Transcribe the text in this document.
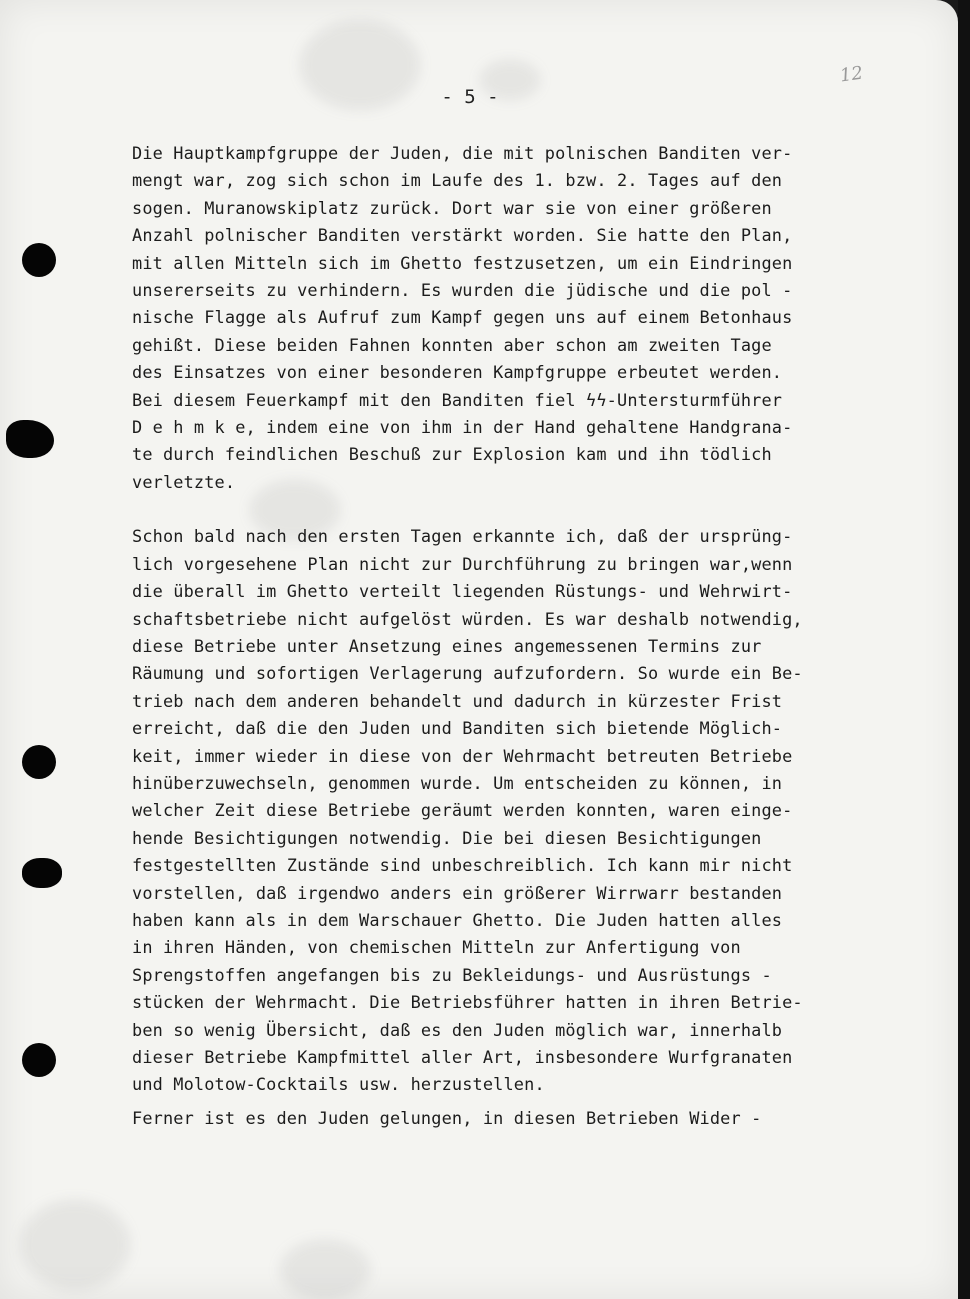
- 5 -
12

Die Hauptkampfgruppe der Juden, die mit polnischen Banditen ver-
mengt war, zog sich schon im Laufe des 1. bzw. 2. Tages auf den
sogen. Muranowskiplatz zurück. Dort war sie von einer größeren
Anzahl polnischer Banditen verstärkt worden. Sie hatte den Plan,
mit allen Mitteln sich im Ghetto festzusetzen, um ein Eindringen
unsererseits zu verhindern. Es wurden die jüdische und die pol -
nische Flagge als Aufruf zum Kampf gegen uns auf einem Betonhaus
gehißt. Diese beiden Fahnen konnten aber schon am zweiten Tage
des Einsatzes von einer besonderen Kampfgruppe erbeutet werden.
Bei diesem Feuerkampf mit den Banditen fiel ϟϟ-Untersturmführer
D e h m k e, indem eine von ihm in der Hand gehaltene Handgrana-
te durch feindlichen Beschuß zur Explosion kam und ihn tödlich
verletzte.

Schon bald nach den ersten Tagen erkannte ich, daß der ursprüng-
lich vorgesehene Plan nicht zur Durchführung zu bringen war,wenn
die überall im Ghetto verteilt liegenden Rüstungs- und Wehrwirt-
schaftsbetriebe nicht aufgelöst würden. Es war deshalb notwendig,
diese Betriebe unter Ansetzung eines angemessenen Termins zur
Räumung und sofortigen Verlagerung aufzufordern. So wurde ein Be-
trieb nach dem anderen behandelt und dadurch in kürzester Frist
erreicht, daß die den Juden und Banditen sich bietende Möglich-
keit, immer wieder in diese von der Wehrmacht betreuten Betriebe
hinüberzuwechseln, genommen wurde. Um entscheiden zu können, in
welcher Zeit diese Betriebe geräumt werden konnten, waren einge-
hende Besichtigungen notwendig. Die bei diesen Besichtigungen
festgestellten Zustände sind unbeschreiblich. Ich kann mir nicht
vorstellen, daß irgendwo anders ein größerer Wirrwarr bestanden
haben kann als in dem Warschauer Ghetto. Die Juden hatten alles
in ihren Händen, von chemischen Mitteln zur Anfertigung von
Sprengstoffen angefangen bis zu Bekleidungs- und Ausrüstungs -
stücken der Wehrmacht. Die Betriebsführer hatten in ihren Betrie-
ben so wenig Übersicht, daß es den Juden möglich war, innerhalb
dieser Betriebe Kampfmittel aller Art, insbesondere Wurfgranaten
und Molotow-Cocktails usw. herzustellen.

Ferner ist es den Juden gelungen, in diesen Betrieben Wider -
